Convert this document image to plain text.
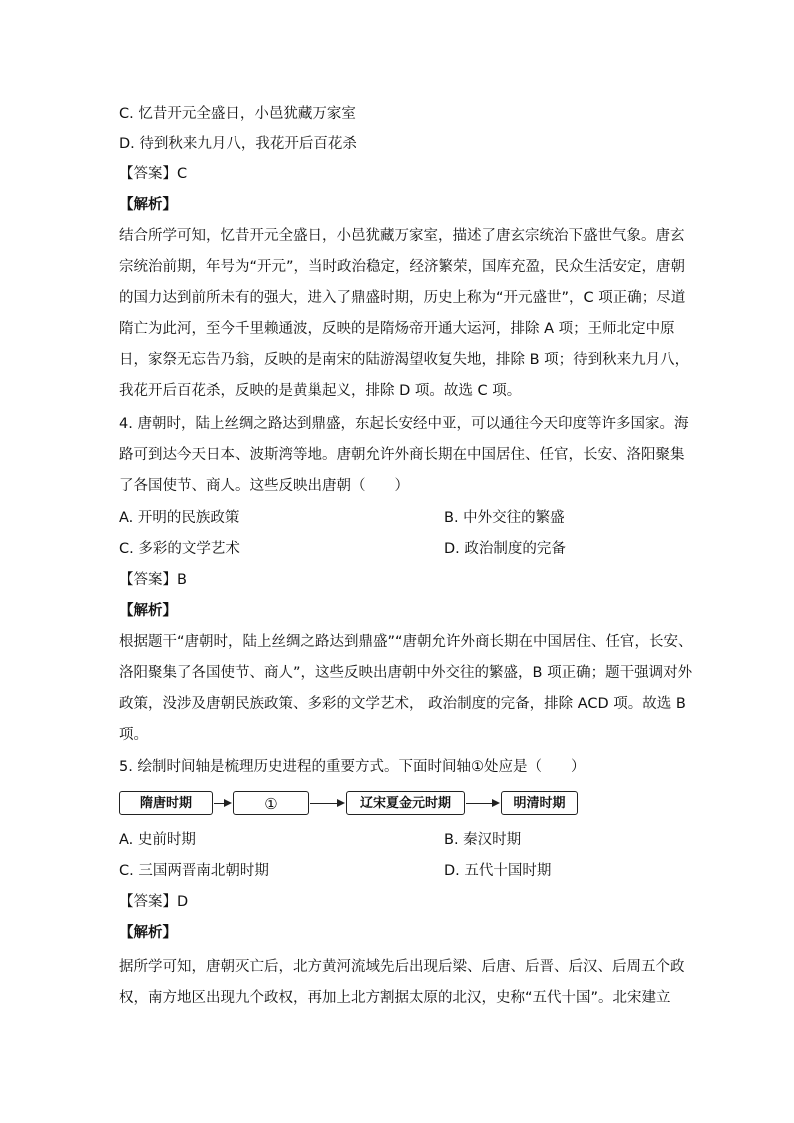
C. 忆昔开元全盛日，小邑犹藏万家室
D. 待到秋来九月八，我花开后百花杀
【答案】C
【解析】
结合所学可知，忆昔开元全盛日，小邑犹藏万家室，描述了唐玄宗统治下盛世气象。唐玄
宗统治前期，年号为“开元”，当时政治稳定，经济繁荣，国库充盈，民众生活安定，唐朝
的国力达到前所未有的强大，进入了鼎盛时期，历史上称为“开元盛世”，C 项正确；尽道
隋亡为此河，至今千里赖通波，反映的是隋炀帝开通大运河，排除 A 项；王师北定中原
日，家祭无忘告乃翁，反映的是南宋的陆游渴望收复失地，排除 B 项；待到秋来九月八，
我花开后百花杀，反映的是黄巢起义，排除 D 项。故选 C 项。
4. 唐朝时，陆上丝绸之路达到鼎盛，东起长安经中亚，可以通往今天印度等许多国家。海
路可到达今天日本、波斯湾等地。唐朝允许外商长期在中国居住、任官，长安、洛阳聚集
了各国使节、商人。这些反映出唐朝（　　）
A. 开明的民族政策	B. 中外交往的繁盛
C. 多彩的文学艺术	D. 政治制度的完备
【答案】B
【解析】
根据题干“唐朝时，陆上丝绸之路达到鼎盛”“唐朝允许外商长期在中国居住、任官，长安、
洛阳聚集了各国使节、商人”，这些反映出唐朝中外交往的繁盛，B 项正确；题干强调对外
政策，没涉及唐朝民族政策、多彩的文学艺术， 政治制度的完备，排除 ACD 项。故选 B
项。
5. 绘制时间轴是梳理历史进程的重要方式。下面时间轴①处应是（　　）
隋唐时期	①	辽宋夏金元时期	明清时期
A. 史前时期	B. 秦汉时期
C. 三国两晋南北朝时期	D. 五代十国时期
【答案】D
【解析】
据所学可知，唐朝灭亡后，北方黄河流域先后出现后梁、后唐、后晋、后汉、后周五个政
权，南方地区出现九个政权，再加上北方割据太原的北汉，史称“五代十国”。北宋建立
